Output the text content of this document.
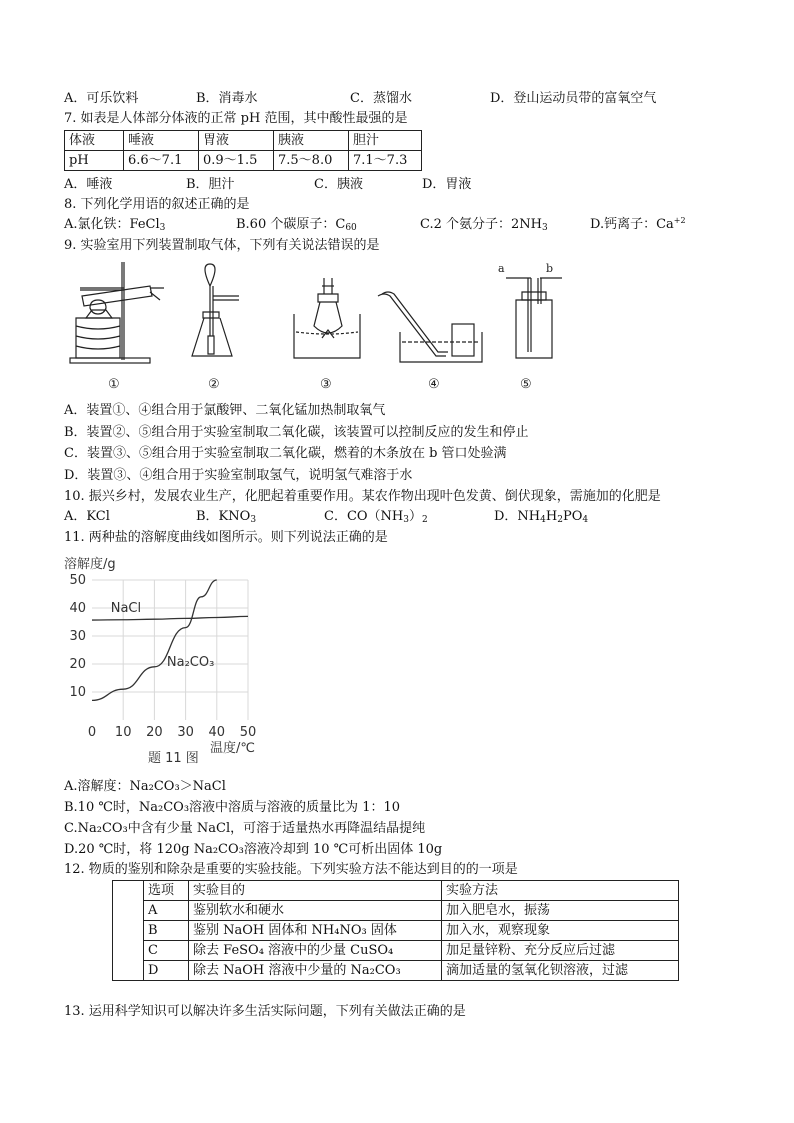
A．可乐饮料	B．消毒水	C．蒸馏水	D．登山运动员带的富氧空气
7. 如表是人体部分体液的正常 pH 范围，其中酸性最强的是
体液	唾液	胃液	胰液	胆汁
pH	6.6～7.1	0.9～1.5	7.5～8.0	7.1～7.3
A．唾液	B．胆汁	C．胰液	D．胃液
8. 下列化学用语的叙述正确的是
A.氯化铁：FeCl$_3$	B.60 个碳原子：$C_{60}$	C.2 个氨分子：$2NH_3$	D.钙离子：$Ca^{+2}$
9. 实验室用下列装置制取气体，下列有关说法错误的是
a	b
①	②	③	④	⑤
A．装置①、④组合用于氯酸钾、二氧化锰加热制取氧气
B．装置②、⑤组合用于实验室制取二氧化碳，该装置可以控制反应的发生和停止
C．装置③、⑤组合用于实验室制取二氧化碳，燃着的木条放在 b 管口处验满
D．装置③、④组合用于实验室制取氢气，说明氢气难溶于水
10. 振兴乡村，发展农业生产，化肥起着重要作用。某农作物出现叶色发黄、倒伏现象，需施加的化肥是
A．KCl	B．$KNO_3$	C．$CO(NH_3)_2$	D．$NH_4H_2PO_4$
11. 两种盐的溶解度曲线如图所示。则下列说法正确的是
溶解度/g
温度/℃
题 11 图
0 10 20 30 40 50
10
20
30
40
50
NaCl
Na₂CO₃
A.溶解度：Na₂CO₃＞NaCl
B.10 ℃时，Na₂CO₃溶液中溶质与溶液的质量比为 1：10
C.Na₂CO₃中含有少量 NaCl，可溶于适量热水再降温结晶提纯
D.20 ℃时，将 120g Na₂CO₃溶液冷却到 10 ℃可析出固体 10g
12. 物质的鉴别和除杂是重要的实验技能。下列实验方法不能达到目的的一项是
	选项	实验目的	实验方法
	A	鉴别软水和硬水	加入肥皂水，振荡
	B	鉴别 NaOH 固体和 NH₄NO₃ 固体	加入水，观察现象
	C	除去 FeSO₄ 溶液中的少量 CuSO₄	加足量锌粉、充分反应后过滤
	D	除去 NaOH 溶液中少量的 Na₂CO₃	滴加适量的氢氧化钡溶液，过滤
13. 运用科学知识可以解决许多生活实际问题，下列有关做法正确的是
